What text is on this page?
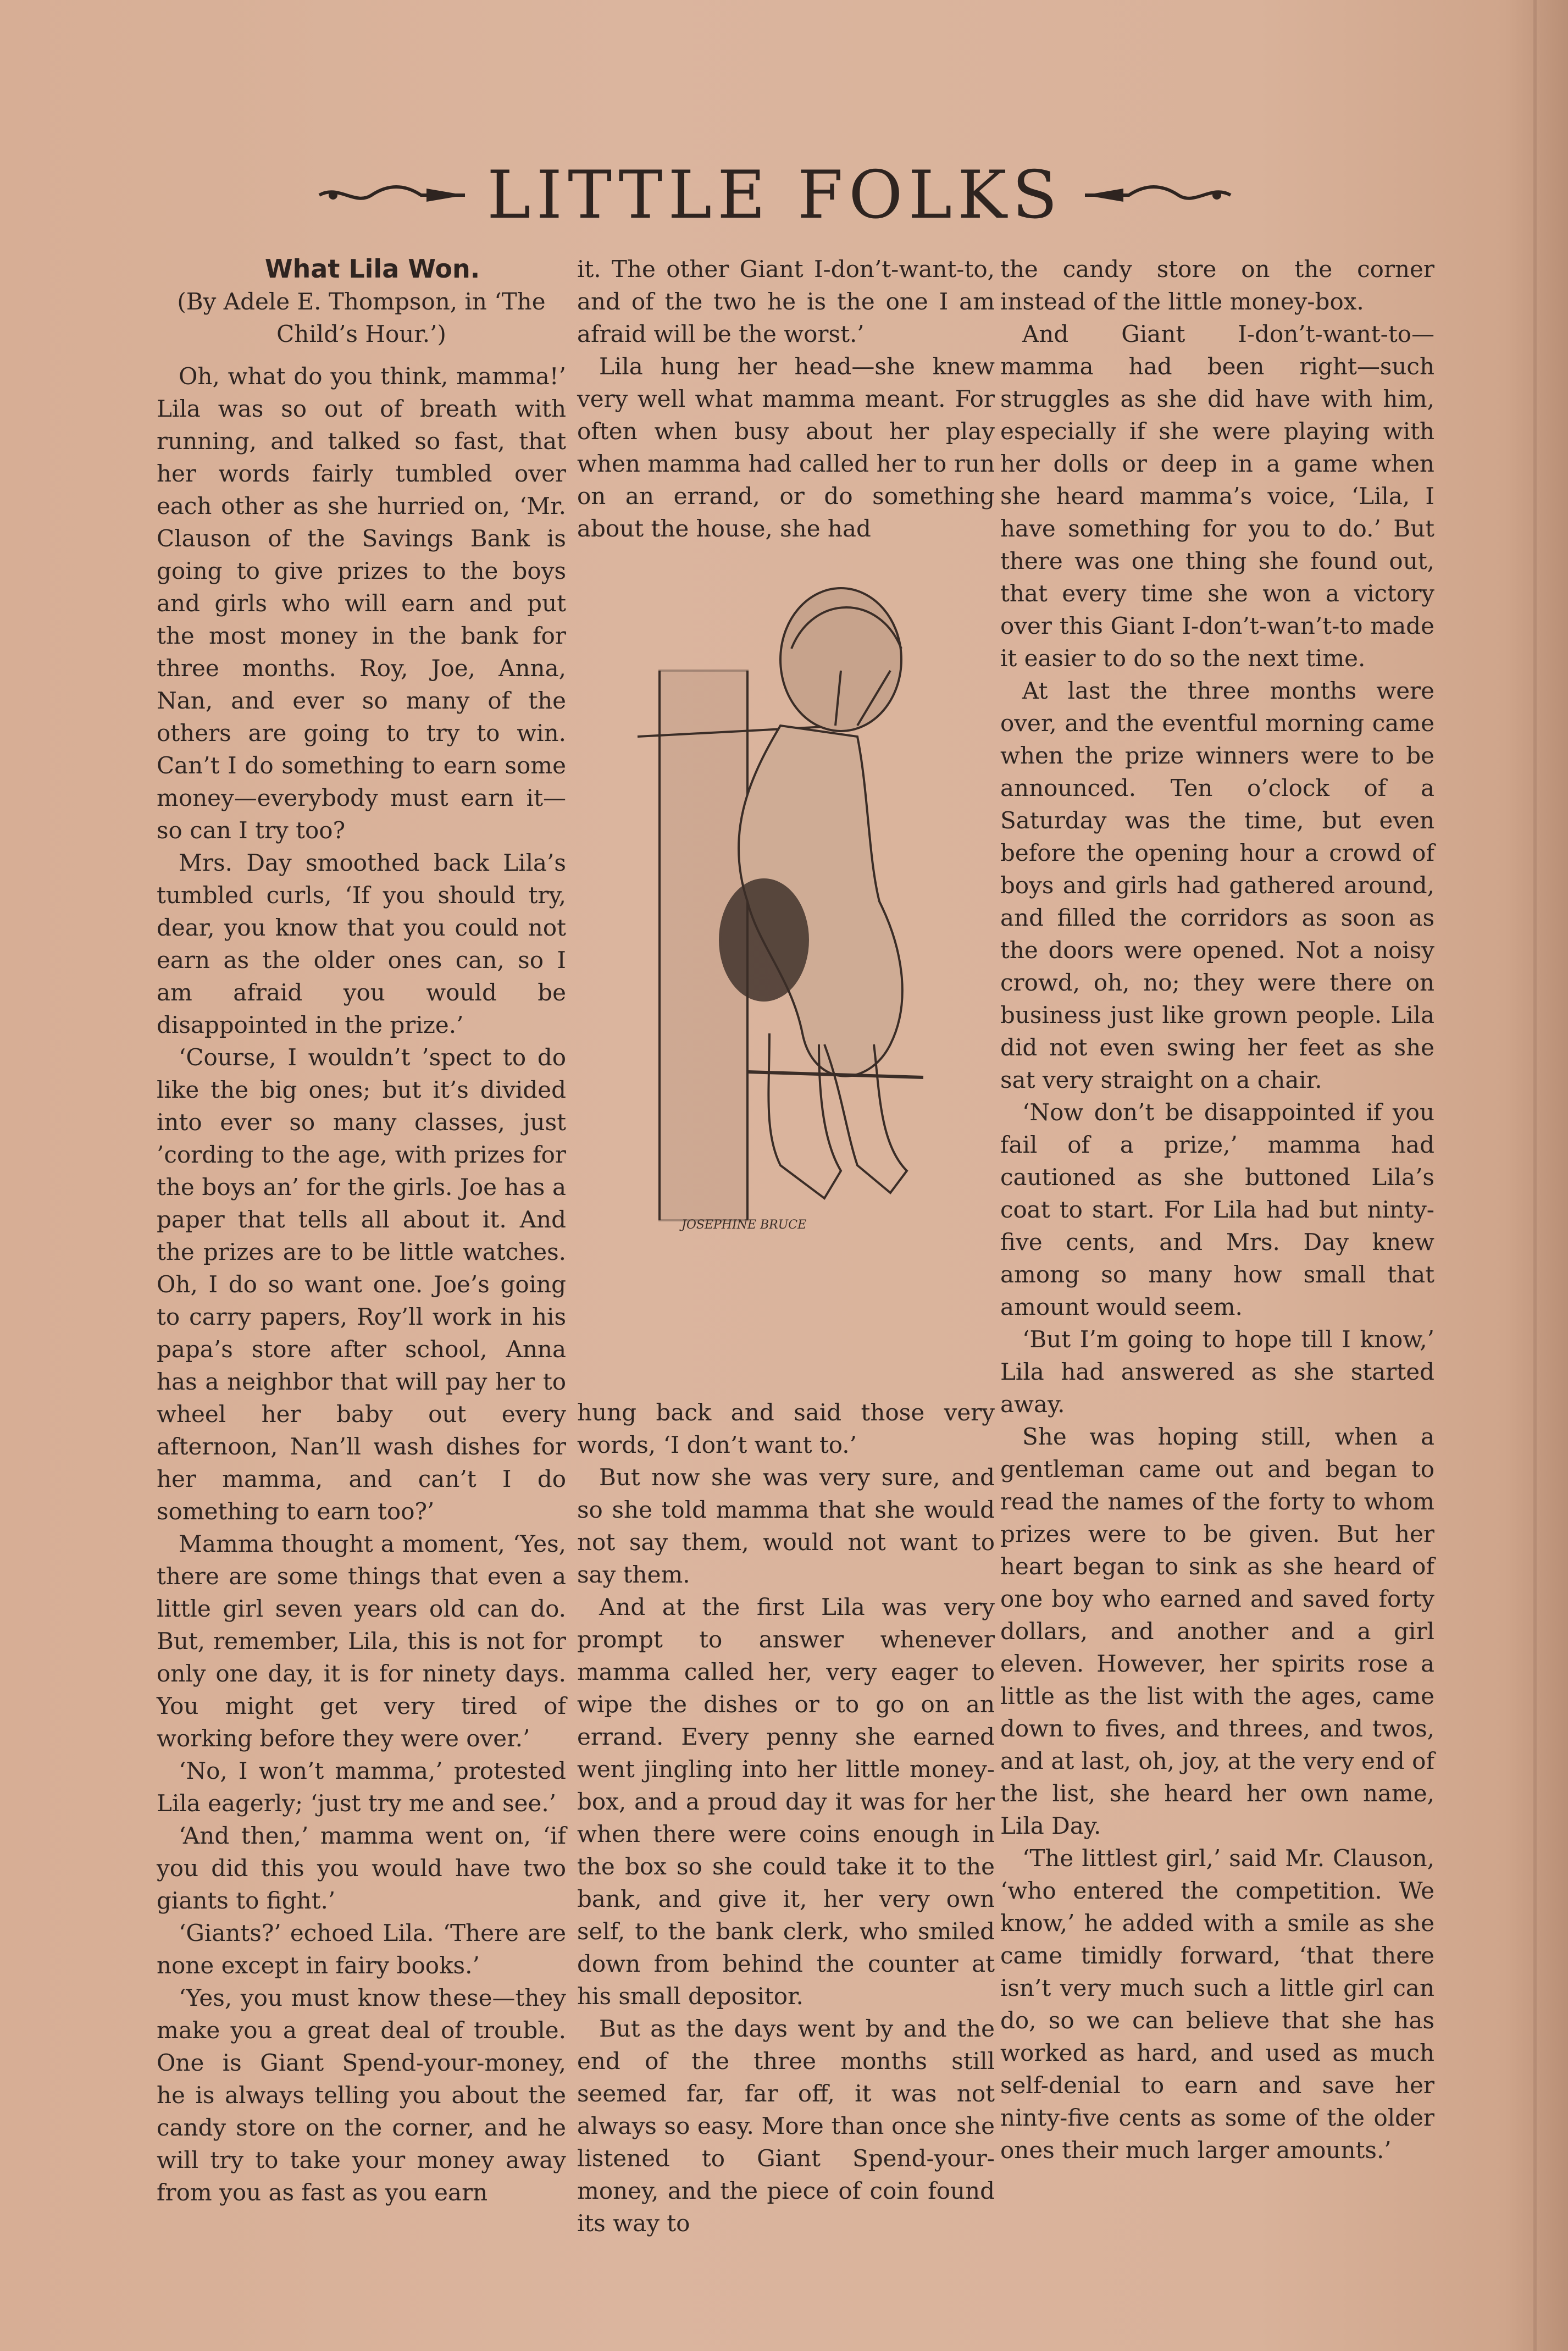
LITTLE FOLKS

What Lila Won.

(By Adele E. Thompson, in ‘The Child’s Hour.’)

Oh, what do you think, mamma!’ Lila was so out of breath with running, and talked so fast, that her words fairly tumbled over each other as she hurried on, ‘Mr. Clauson of the Savings Bank is going to give prizes to the boys and girls who will earn and put the most money in the bank for three months. Roy, Joe, Anna, Nan, and ever so many of the others are going to try to win. Can’t I do something to earn some money—everybody must earn it—so can I try too?

Mrs. Day smoothed back Lila’s tumbled curls, ‘If you should try, dear, you know that you could not earn as the older ones can, so I am afraid you would be disappointed in the prize.’

‘Course, I wouldn’t ’spect to do like the big ones; but it’s divided into ever so many classes, just ’cording to the age, with prizes for the boys an’ for the girls. Joe has a paper that tells all about it. And the prizes are to be little watches. Oh, I do so want one. Joe’s going to carry papers, Roy’ll work in his papa’s store after school, Anna has a neighbor that will pay her to wheel her baby out every afternoon, Nan’ll wash dishes for her mamma, and can’t I do something to earn too?’

Mamma thought a moment, ‘Yes, there are some things that even a little girl seven years old can do. But, remember, Lila, this is not for only one day, it is for ninety days. You might get very tired of working before they were over.’

‘No, I won’t mamma,’ protested Lila eagerly; ‘just try me and see.’

‘And then,’ mamma went on, ‘if you did this you would have two giants to fight.’

‘Giants?’ echoed Lila. ‘There are none except in fairy books.’

‘Yes, you must know these—they make you a great deal of trouble. One is Giant Spend-your-money, he is always telling you about the candy store on the corner, and he will try to take your money away from you as fast as you earn

it. The other Giant I-don’t-want-to, and of the two he is the one I am afraid will be the worst.’

Lila hung her head—she knew very well what mamma meant. For often when busy about her play when mamma had called her to run on an errand, or do something about the house, she had

JOSEPHINE BRUCE

hung back and said those very words, ‘I don’t want to.’

But now she was very sure, and so she told mamma that she would not say them, would not want to say them.

And at the first Lila was very prompt to answer whenever mamma called her, very eager to wipe the dishes or to go on an errand. Every penny she earned went jingling into her little money-box, and a proud day it was for her when there were coins enough in the box so she could take it to the bank, and give it, her very own self, to the bank clerk, who smiled down from behind the counter at his small depositor.

But as the days went by and the end of the three months still seemed far, far off, it was not always so easy. More than once she listened to Giant Spend-your-money, and the piece of coin found its way to

the candy store on the corner instead of the little money-box.

And Giant I-don’t-want-to—mamma had been right—such struggles as she did have with him, especially if she were playing with her dolls or deep in a game when she heard mamma’s voice, ‘Lila, I have something for you to do.’ But there was one thing she found out, that every time she won a victory over this Giant I-don’t-wan’t-to made it easier to do so the next time.

At last the three months were over, and the eventful morning came when the prize winners were to be announced. Ten o’clock of a Saturday was the time, but even before the opening hour a crowd of boys and girls had gathered around, and filled the corridors as soon as the doors were opened. Not a noisy crowd, oh, no; they were there on business just like grown people. Lila did not even swing her feet as she sat very straight on a chair.

‘Now don’t be disappointed if you fail of a prize,’ mamma had cautioned as she buttoned Lila’s coat to start. For Lila had but ninty-five cents, and Mrs. Day knew among so many how small that amount would seem.

‘But I’m going to hope till I know,’ Lila had answered as she started away.

She was hoping still, when a gentleman came out and began to read the names of the forty to whom prizes were to be given. But her heart began to sink as she heard of one boy who earned and saved forty dollars, and another and a girl eleven. However, her spirits rose a little as the list with the ages, came down to fives, and threes, and twos, and at last, oh, joy, at the very end of the list, she heard her own name, Lila Day.

‘The littlest girl,’ said Mr. Clauson, ‘who entered the competition. We know,’ he added with a smile as she came timidly forward, ‘that there isn’t very much such a little girl can do, so we can believe that she has worked as hard, and used as much self-denial to earn and save her ninty-five cents as some of the older ones their much larger amounts.’
